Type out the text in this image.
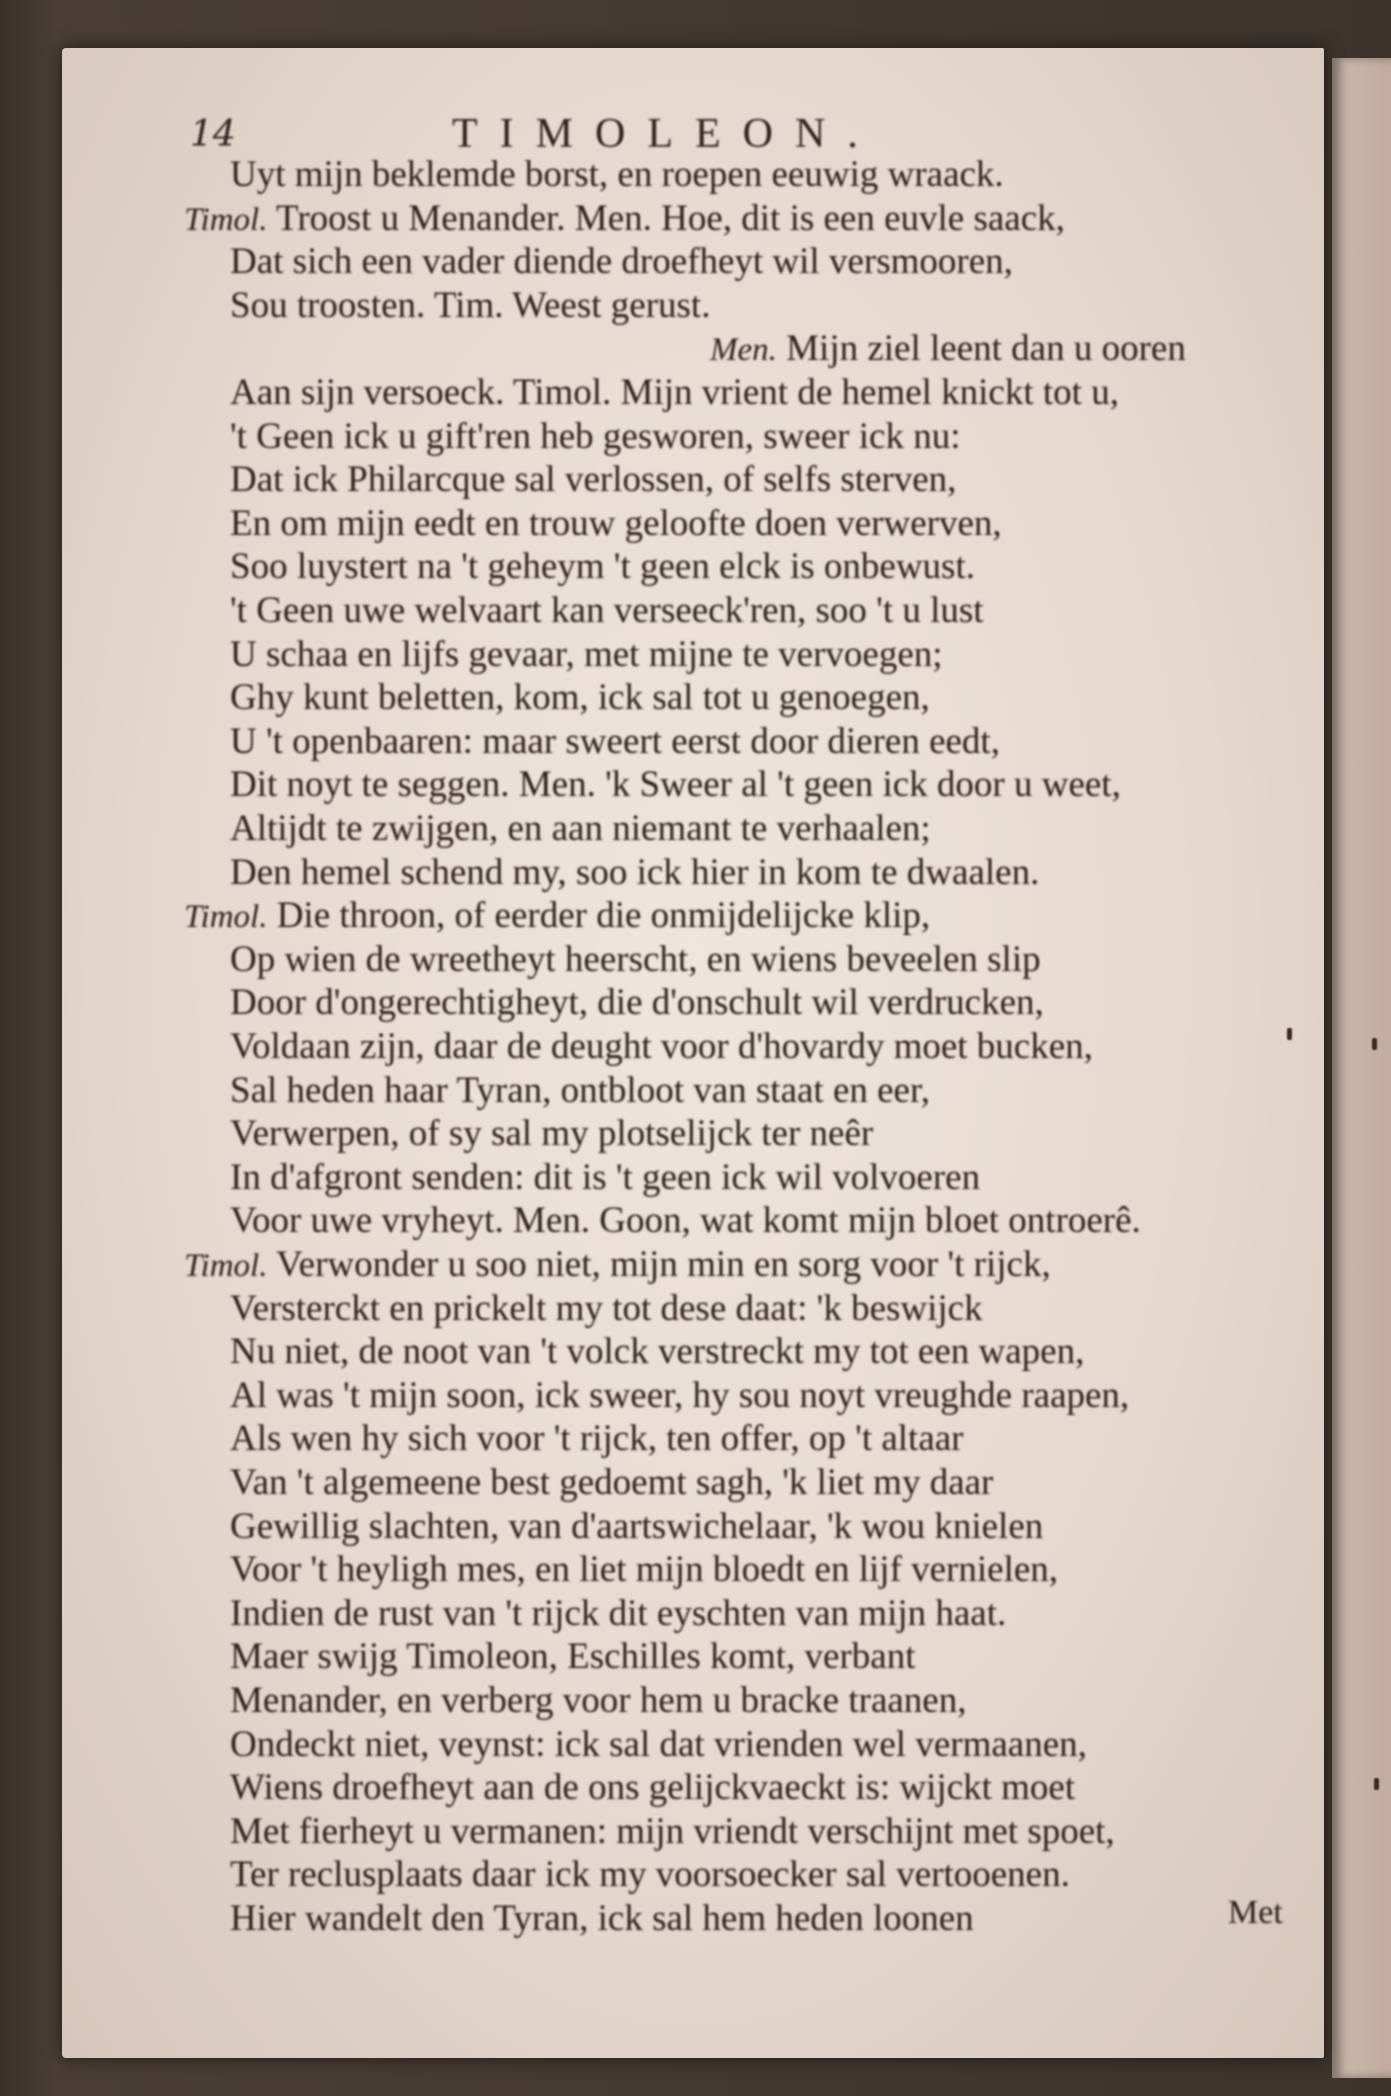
14	TIMOLEON.
Uyt mijn beklemde borst, en roepen eeuwig wraack.
Timol. Troost u Menander. Men. Hoe, dit is een euvle saack,
Dat sich een vader diende droefheyt wil versmooren,
Sou troosten. Tim. Weest gerust.
Men. Mijn ziel leent dan u ooren
Aan sijn versoeck. Timol. Mijn vrient de hemel knickt tot u,
't Geen ick u gift'ren heb gesworen, sweer ick nu:
Dat ick Philarcque sal verlossen, of selfs sterven,
En om mijn eedt en trouw geloofte doen verwerven,
Soo luystert na 't geheym 't geen elck is onbewust.
't Geen uwe welvaart kan verseeck'ren, soo 't u lust
U schaa en lijfs gevaar, met mijne te vervoegen;
Ghy kunt beletten, kom, ick sal tot u genoegen,
U 't openbaaren: maar sweert eerst door dieren eedt,
Dit noyt te seggen. Men. 'k Sweer al 't geen ick door u weet,
Altijdt te zwijgen, en aan niemant te verhaalen;
Den hemel schend my, soo ick hier in kom te dwaalen.
Timol. Die throon, of eerder die onmijdelijcke klip,
Op wien de wreetheyt heerscht, en wiens beveelen slip
Door d'ongerechtigheyt, die d'onschult wil verdrucken,
Voldaan zijn, daar de deught voor d'hovardy moet bucken,
Sal heden haar Tyran, ontbloot van staat en eer,
Verwerpen, of sy sal my plotselijck ter neêr
In d'afgront senden: dit is 't geen ick wil volvoeren
Voor uwe vryheyt. Men. Goon, wat komt mijn bloet ontroerê.
Timol. Verwonder u soo niet, mijn min en sorg voor 't rijck,
Versterckt en prickelt my tot dese daat: 'k beswijck
Nu niet, de noot van 't volck verstreckt my tot een wapen,
Al was 't mijn soon, ick sweer, hy sou noyt vreughde raapen,
Als wen hy sich voor 't rijck, ten offer, op 't altaar
Van 't algemeene best gedoemt sagh, 'k liet my daar
Gewillig slachten, van d'aartswichelaar, 'k wou knielen
Voor 't heyligh mes, en liet mijn bloedt en lijf vernielen,
Indien de rust van 't rijck dit eyschten van mijn haat.
Maer swijg Timoleon, Eschilles komt, verbant
Menander, en verberg voor hem u bracke traanen,
Ondeckt niet, veynst: ick sal dat vrienden wel vermaanen,
Wiens droefheyt aan de ons gelijckvaeckt is: wijckt moet
Met fierheyt u vermanen: mijn vriendt verschijnt met spoet,
Ter reclusplaats daar ick my voorsoecker sal vertooenen.
Hier wandelt den Tyran, ick sal hem heden loonen	Met
